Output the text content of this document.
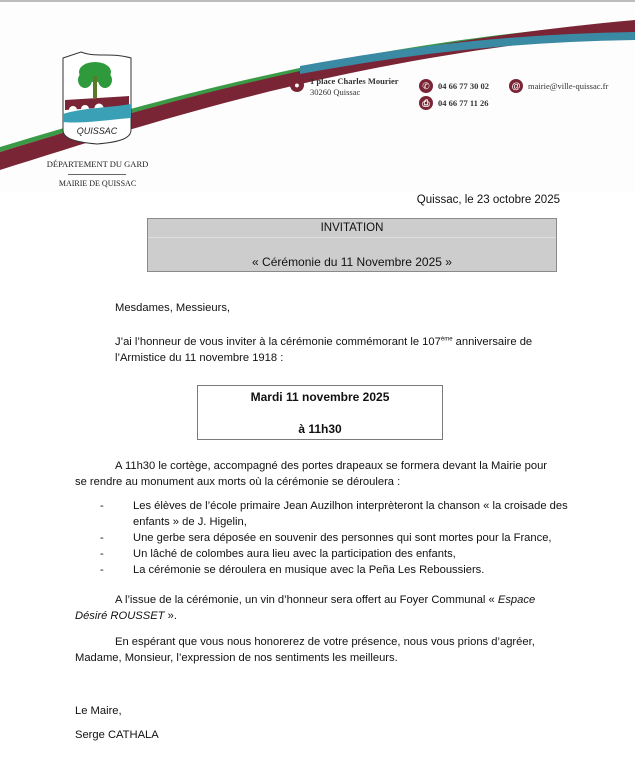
QUISSAC
DÉPARTEMENT DU GARD
MAIRIE DE QUISSAC
●	1 place Charles Mourier
30260 Quissac
✆ 04 66 77 30 02
⎙ 04 66 77 11 26
@ mairie@ville-quissac.fr
Quissac, le 23 octobre 2025
INVITATION
« Cérémonie du 11 Novembre 2025 »
Mesdames, Messieurs,
J’ai l’honneur de vous inviter à la cérémonie commémorant le 107ème anniversaire de l’Armistice du 11 novembre 1918 :
Mardi 11 novembre 2025
à 11h30
A 11h30 le cortège, accompagné des portes drapeaux se formera devant la Mairie pour se rendre au monument aux morts où la cérémonie se déroulera :
-	Les élèves de l’école primaire Jean Auzilhon interprèteront la chanson « la croisade des enfants » de J. Higelin,
-	Une gerbe sera déposée en souvenir des personnes qui sont mortes pour la France,
-	Un lâché de colombes aura lieu avec la participation des enfants,
-	La cérémonie se déroulera en musique avec la Peña Les Reboussiers.
A l’issue de la cérémonie, un vin d’honneur sera offert au Foyer Communal « Espace Désiré ROUSSET ».
En espérant que vous nous honorerez de votre présence, nous vous prions d’agréer, Madame, Monsieur, l’expression de nos sentiments les meilleurs.
Le Maire,
Serge CATHALA
